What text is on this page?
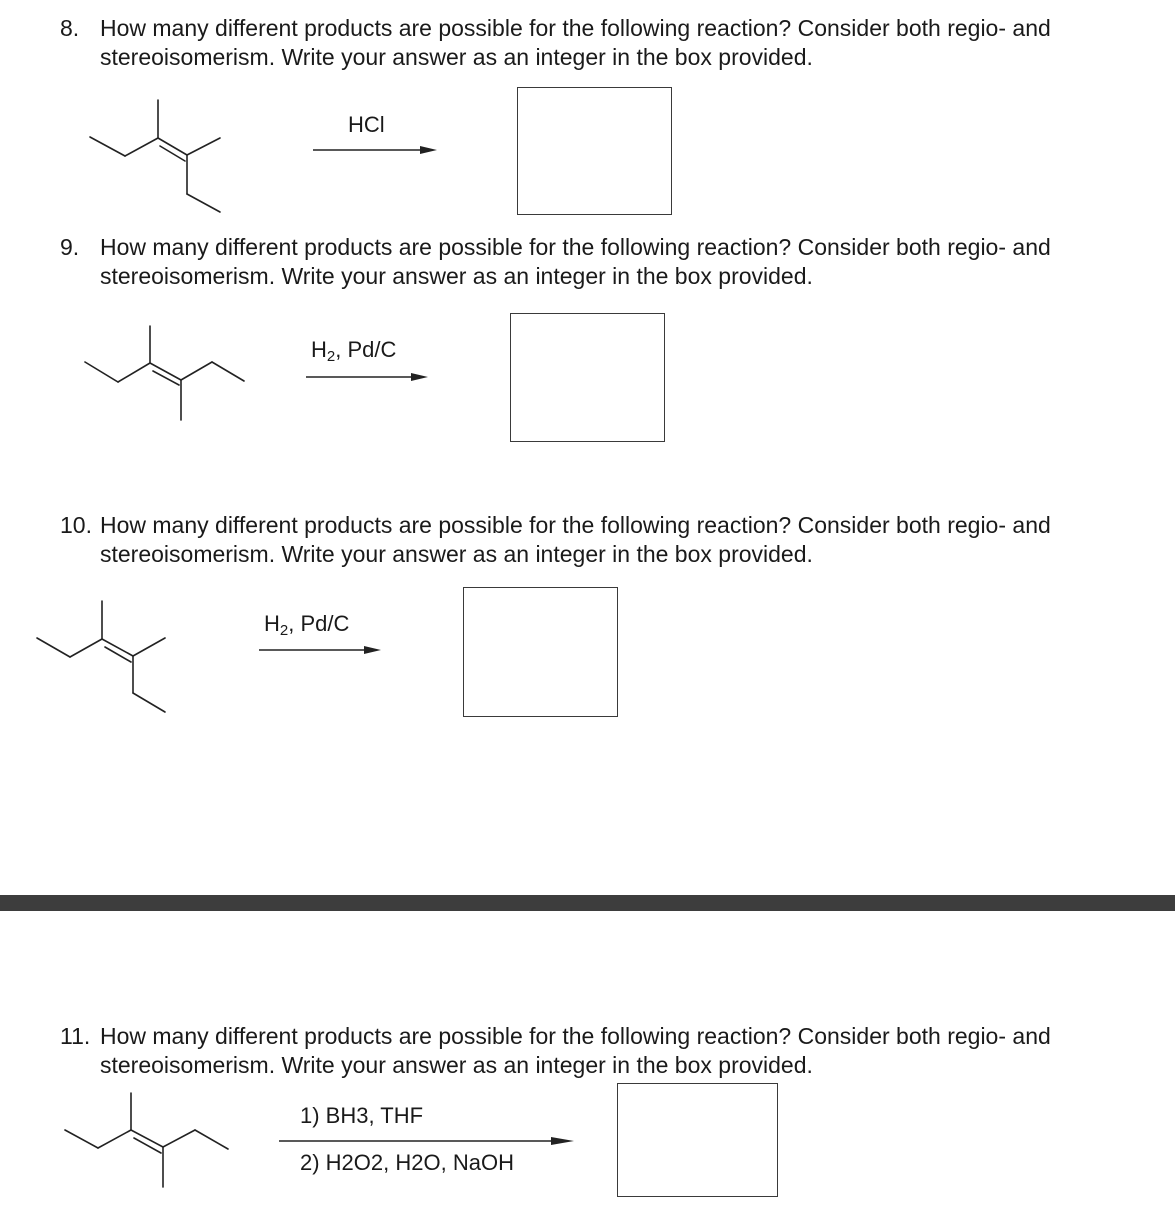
8. How many different products are possible for the following reaction? Consider both regio- and stereoisomerism. Write your answer as an integer in the box provided.
HCl
9. How many different products are possible for the following reaction? Consider both regio- and stereoisomerism. Write your answer as an integer in the box provided.
$H_2$, Pd/C
10. How many different products are possible for the following reaction? Consider both regio- and stereoisomerism. Write your answer as an integer in the box provided.
$H_2$, Pd/C
11. How many different products are possible for the following reaction? Consider both regio- and stereoisomerism. Write your answer as an integer in the box provided.
1) BH3, THF
2) H2O2, H2O, NaOH
